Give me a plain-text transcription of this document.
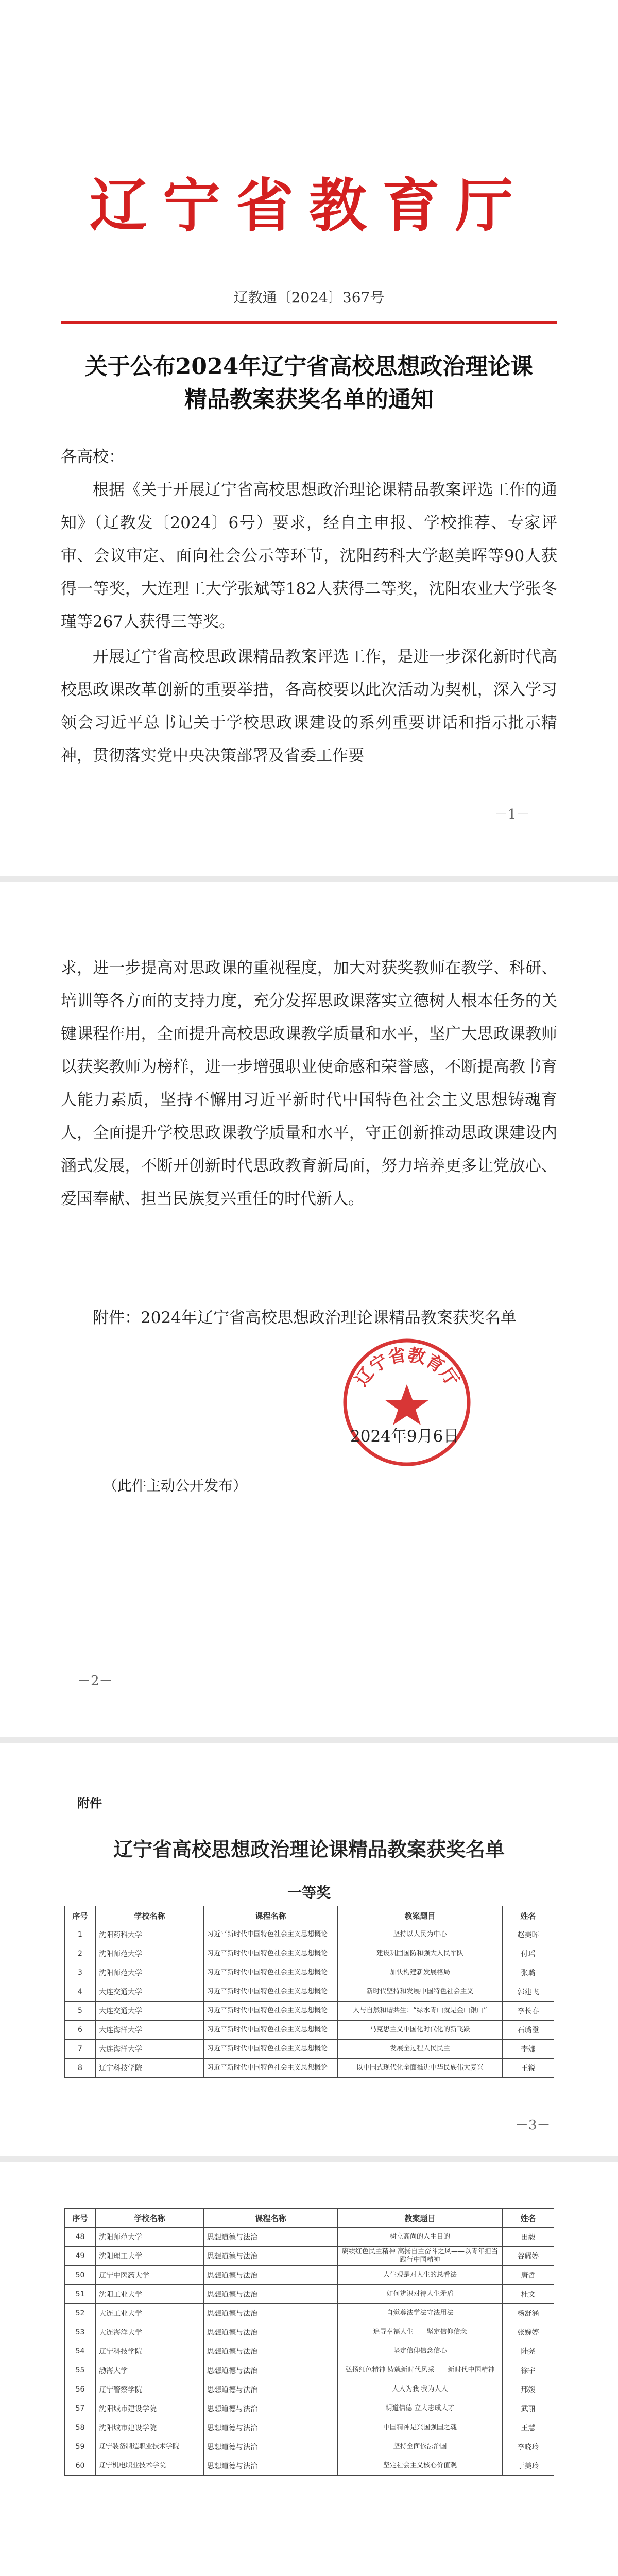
辽宁省教育厅
辽教通〔2024〕367号
关于公布2024年辽宁省高校思想政治理论课精品教案获奖名单的通知
各高校：

根据《关于开展辽宁省高校思想政治理论课精品教案评选工作的通知》（辽教发〔2024〕6号）要求，经自主申报、学校推荐、专家评审、会议审定、面向社会公示等环节，沈阳药科大学赵美晖等90人获得一等奖，大连理工大学张斌等182人获得二等奖，沈阳农业大学张冬瑾等267人获得三等奖。

开展辽宁省高校思政课精品教案评选工作，是进一步深化新时代高校思政课改革创新的重要举措，各高校要以此次活动为契机，深入学习领会习近平总书记关于学校思政课建设的系列重要讲话和指示批示精神，贯彻落实党中央决策部署及省委工作要

－1－

求，进一步提高对思政课的重视程度，加大对获奖教师在教学、科研、培训等各方面的支持力度，充分发挥思政课落实立德树人根本任务的关键课程作用，全面提升高校思政课教学质量和水平，坚广大思政课教师以获奖教师为榜样，进一步增强职业使命感和荣誉感，不断提高教书育人能力素质，坚持不懈用习近平新时代中国特色社会主义思想铸魂育人，全面提升学校思政课教学质量和水平，守正创新推动思政课建设内涵式发展，不断开创新时代思政教育新局面，努力培养更多让党放心、爱国奉献、担当民族复兴重任的时代新人。

附件：2024年辽宁省高校思想政治理论课精品教案获奖名单
辽宁省教育厅
2024年9月6日
（此件主动公开发布）
－2－
附件
辽宁省高校思想政治理论课精品教案获奖名单
一等奖
序号	学校名称	课程名称	教案题目	姓名
1	沈阳药科大学	习近平新时代中国特色社会主义思想概论	坚持以人民为中心	赵美晖
2	沈阳师范大学	习近平新时代中国特色社会主义思想概论	建设巩固国防和强大人民军队	付瑶
3	沈阳师范大学	习近平新时代中国特色社会主义思想概论	加快构建新发展格局	张璐
4	大连交通大学	习近平新时代中国特色社会主义思想概论	新时代坚持和发展中国特色社会主义	郭建飞
5	大连交通大学	习近平新时代中国特色社会主义思想概论	人与自然和谐共生：“绿水青山就是金山银山”	李长春
6	大连海洋大学	习近平新时代中国特色社会主义思想概论	马克思主义中国化时代化的新飞跃	石璐澄
7	大连海洋大学	习近平新时代中国特色社会主义思想概论	发展全过程人民民主	李娜
8	辽宁科技学院	习近平新时代中国特色社会主义思想概论	以中国式现代化全面推进中华民族伟大复兴	王锐
－3－
序号	学校名称	课程名称	教案题目	姓名
48	沈阳师范大学	思想道德与法治	树立高尚的人生目的	田毅
49	沈阳理工大学	思想道德与法治	赓续红色民主精神 高扬自主奋斗之风——以青年担当践行中国精神	谷耀婷
50	辽宁中医药大学	思想道德与法治	人生观是对人生的总看法	唐哲
51	沈阳工业大学	思想道德与法治	如何辨识对待人生矛盾	杜文
52	大连工业大学	思想道德与法治	自觉尊法学法守法用法	杨舒涵
53	大连海洋大学	思想道德与法治	追寻幸福人生——坚定信仰信念	张婉婷
54	辽宁科技学院	思想道德与法治	坚定信仰信念信心	陆尧
55	渤海大学	思想道德与法治	弘扬红色精神 铸就新时代风采——新时代中国精神	徐宇
56	辽宁警察学院	思想道德与法治	人人为我 我为人人	邢媛
57	沈阳城市建设学院	思想道德与法治	明道信德 立大志成大才	武丽
58	沈阳城市建设学院	思想道德与法治	中国精神是兴国强国之魂	王慧
59	辽宁装备制造职业技术学院	思想道德与法治	坚持全面依法治国	李晓玲
60	辽宁机电职业技术学院	思想道德与法治	坚定社会主义核心价值观	于美玲
